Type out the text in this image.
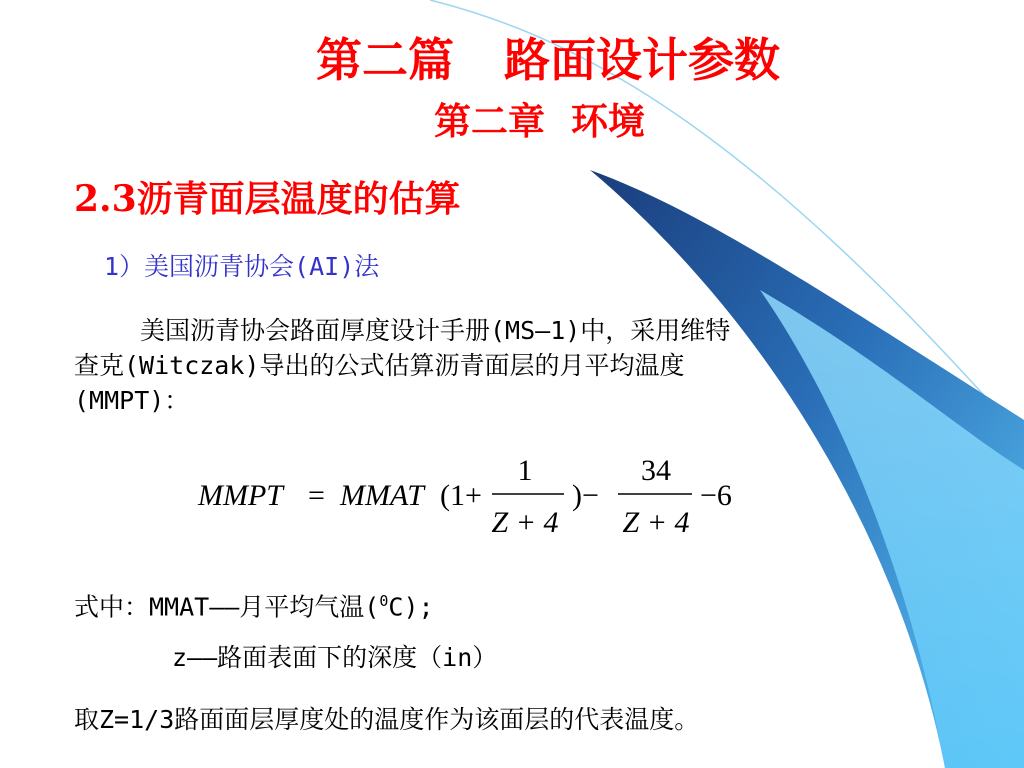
第二篇 路面设计参数
第二章 环境
2.3沥青面层温度的估算
1）美国沥青协会(AI)法
美国沥青协会路面厚度设计手册(MS—1)中，采用维特
查克(Witczak)导出的公式估算沥青面层的月平均温度
(MMPT)：
MMPT = MMAT (1+
1
Z + 4
)−
34
Z + 4
−6
式中：MMAT——月平均气温($^0$C);
z——路面表面下的深度（in）
取Z=1/3路面面层厚度处的温度作为该面层的代表温度。
